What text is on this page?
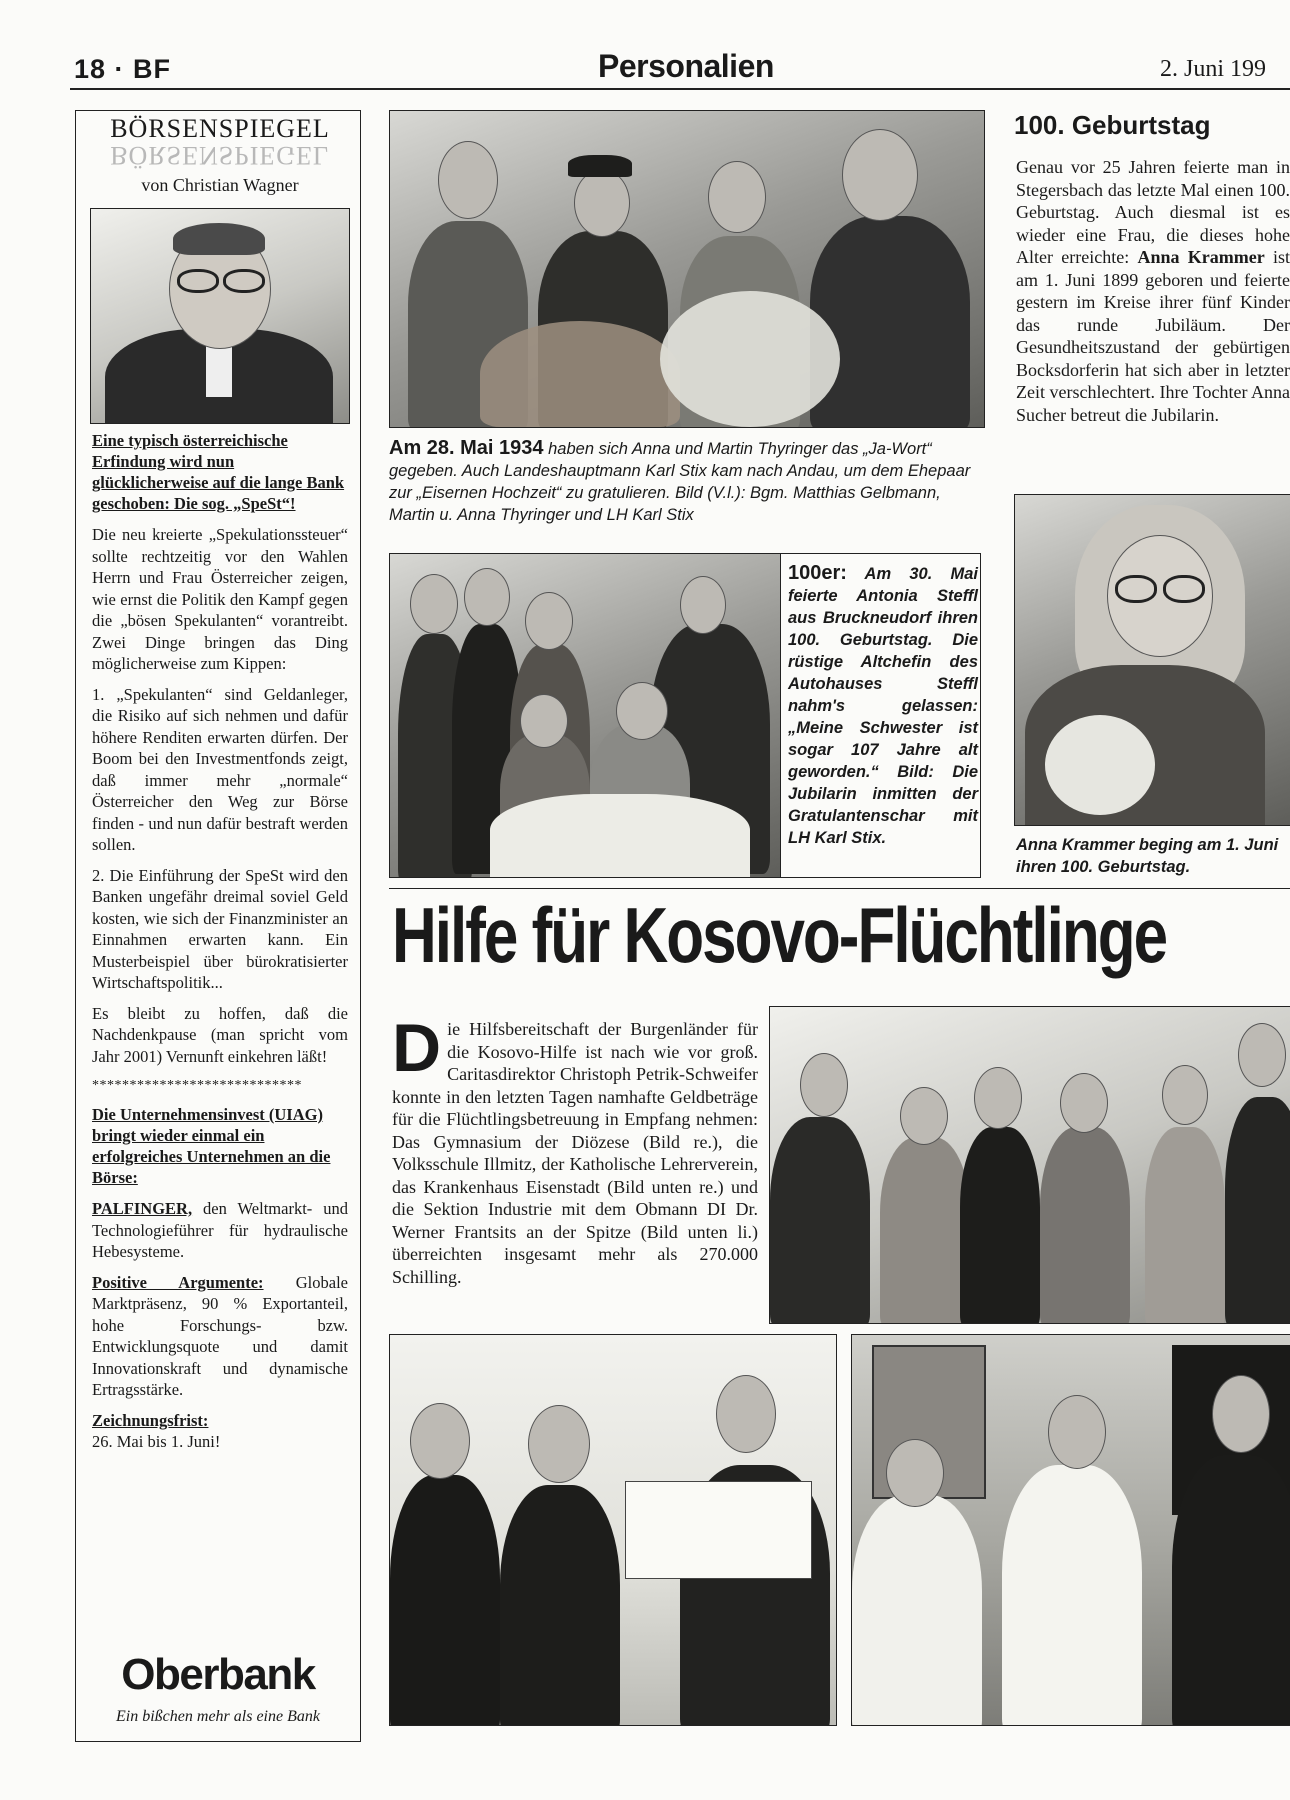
18 · BF	Personalien	2. Juni 199
BÖRSENSPIEGEL
BÖRSENSPIEGEL
von Christian Wagner

Eine typisch österreichische Erfindung wird nun glücklicherweise auf die lange Bank geschoben: Die sog. „SpeSt“!

Die neu kreierte „Spekulationssteuer“ sollte rechtzeitig vor den Wahlen Herrn und Frau Österreicher zeigen, wie ernst die Politik den Kampf gegen die „bösen Spekulanten“ vorantreibt. Zwei Dinge bringen das Ding möglicherweise zum Kippen:

1. „Spekulanten“ sind Geldanleger, die Risiko auf sich nehmen und dafür höhere Renditen erwarten dürfen. Der Boom bei den Investmentfonds zeigt, daß immer mehr „normale“ Österreicher den Weg zur Börse finden - und nun dafür bestraft werden sollen.

2. Die Einführung der SpeSt wird den Banken ungefähr dreimal soviel Geld kosten, wie sich der Finanzminister an Einnahmen erwarten kann. Ein Musterbeispiel über bürokratisierter Wirtschaftspolitik...

Es bleibt zu hoffen, daß die Nachdenkpause (man spricht vom Jahr 2001) Vernunft einkehren läßt!

****************************

Die Unternehmensinvest (UIAG) bringt wieder einmal ein erfolgreiches Unternehmen an die Börse:

PALFINGER, den Weltmarkt- und Technologieführer für hydraulische Hebesysteme.

Positive Argumente: Globale Marktpräsenz, 90 % Exportanteil, hohe Forschungs- bzw. Entwicklungsquote und damit Innovationskraft und dynamische Ertragsstärke.

Zeichnungsfrist:

26. Mai bis 1. Juni!

Oberbank
Ein bißchen mehr als eine Bank
Am 28. Mai 1934 haben sich Anna und Martin Thyringer das „Ja-Wort“ gegeben. Auch Landeshauptmann Karl Stix kam nach Andau, um dem Ehepaar zur „Eisernen Hochzeit“ zu gratulieren. Bild (V.l.): Bgm. Matthias Gelbmann, Martin u. Anna Thyringer und LH Karl Stix
100er: Am 30. Mai feierte Antonia Steffl aus Bruckneudorf ihren 100. Geburtstag. Die rüstige Altchefin des Autohauses Steffl nahm's gelassen: „Meine Schwester ist sogar 107 Jahre alt geworden.“ Bild: Die Jubilarin inmitten der Gratulantenschar mit LH Karl Stix.
100. Geburtstag
Genau vor 25 Jahren feierte man in Stegersbach das letzte Mal einen 100. Geburtstag. Auch diesmal ist es wieder eine Frau, die dieses hohe Alter erreichte: Anna Krammer ist am 1. Juni 1899 geboren und feierte gestern im Kreise ihrer fünf Kinder das runde Jubiläum. Der Gesundheitszustand der gebürtigen Bocksdorferin hat sich aber in letzter Zeit verschlechtert. Ihre Tochter Anna Sucher betreut die Jubilarin.
Anna Krammer beging am 1. Juni ihren 100. Geburtstag.
Hilfe für Kosovo-Flüchtlinge
D ie Hilfsbereitschaft der Burgenländer für die Kosovo-Hilfe ist nach wie vor groß. Caritasdirektor Christoph Petrik-Schweifer konnte in den letzten Tagen namhafte Geldbeträge für die Flüchtlingsbetreuung in Empfang nehmen: Das Gymnasium der Diözese (Bild re.), die Volksschule Illmitz, der Katholische Lehrerverein, das Krankenhaus Eisenstadt (Bild unten re.) und die Sektion Industrie mit dem Obmann DI Dr. Werner Frantsits an der Spitze (Bild unten li.) überreichten insgesamt mehr als 270.000 Schilling.
